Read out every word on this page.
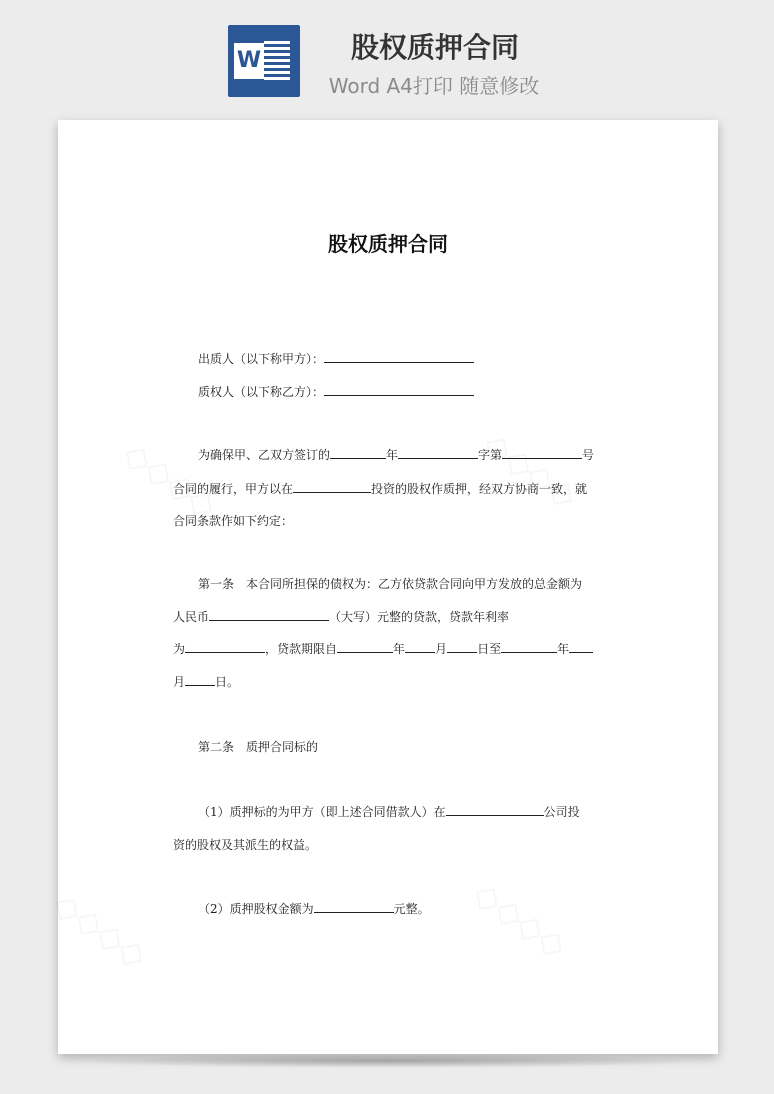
W	股权质押合同
Word A4打印 随意修改
股权质押合同
出质人（以下称甲方）：
质权人（以下称乙方）：
为确保甲、乙双方签订的	年	字第	号
合同的履行，甲方以在	投资的股权作质押，经双方协商一致，就
合同条款作如下约定：
第一条　本合同所担保的债权为：乙方依贷款合同向甲方发放的总金额为
人民币	（大写）元整的贷款，贷款年利率
为	，贷款期限自	年	月	日至	年
月	日。
第二条　质押合同标的
（1）质押标的为甲方（即上述合同借款人）在	公司投
资的股权及其派生的权益。
（2）质押股权金额为	元整。
